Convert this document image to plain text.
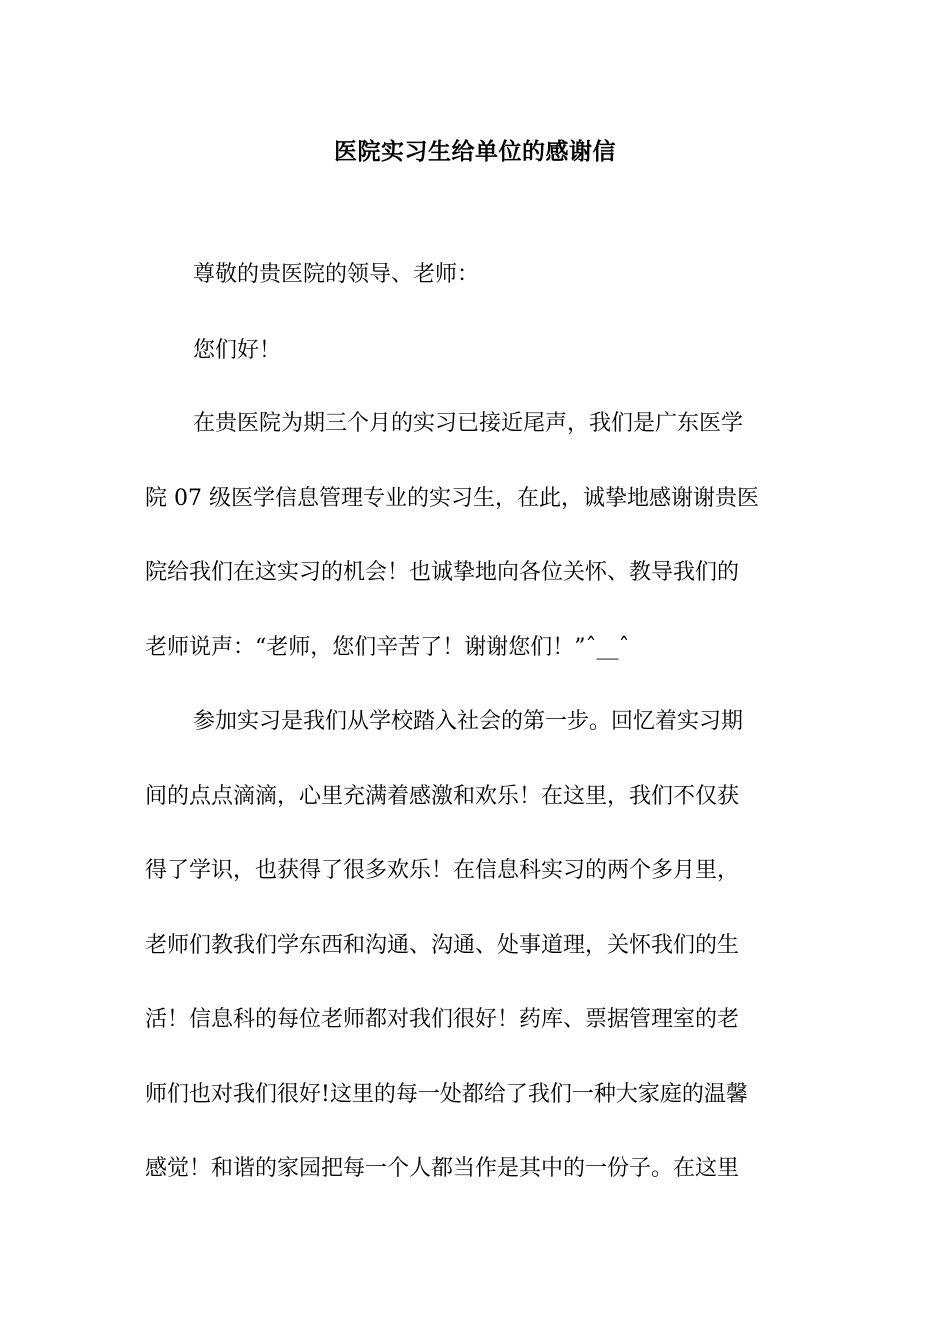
医院实习生给单位的感谢信
尊敬的贵医院的领导、老师：
您们好！
在贵医院为期三个月的实习已接近尾声，我们是广东医学
院 07 级医学信息管理专业的实习生，在此，诚挚地感谢谢贵医
院给我们在这实习的机会！也诚挚地向各位关怀、教导我们的
老师说声：“老师，您们辛苦了！谢谢您们！”ˆ__ˆ
参加实习是我们从学校踏入社会的第一步。回忆着实习期
间的点点滴滴，心里充满着感激和欢乐！在这里，我们不仅获
得了学识，也获得了很多欢乐！在信息科实习的两个多月里，
老师们教我们学东西和沟通、沟通、处事道理，关怀我们的生
活！信息科的每位老师都对我们很好！药库、票据管理室的老
师们也对我们很好!这里的每一处都给了我们一种大家庭的温馨
感觉！和谐的家园把每一个人都当作是其中的一份子。在这里
